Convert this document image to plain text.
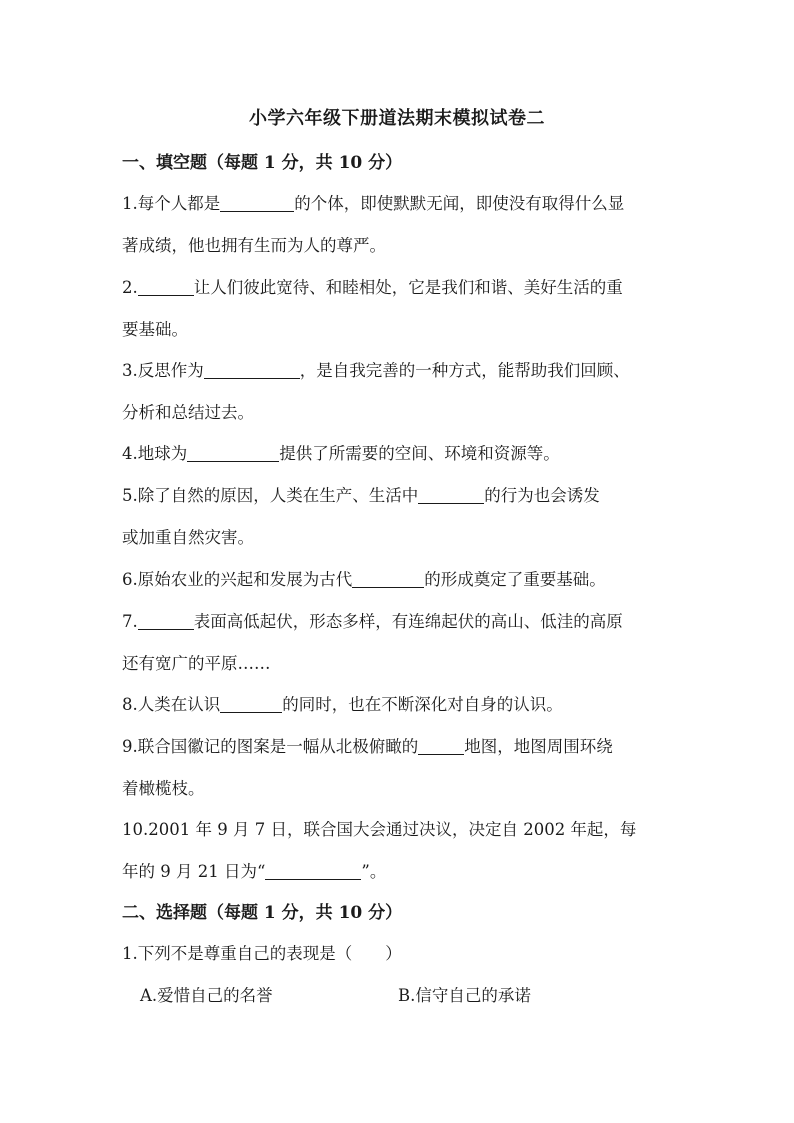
小学六年级下册道法期末模拟试卷二
一、填空题（每题 1 分，共 10 分）
1.每个人都是	的个体，即使默默无闻，即使没有取得什么显
著成绩，他也拥有生而为人的尊严。
2.	让人们彼此宽待、和睦相处，它是我们和谐、美好生活的重
要基础。
3.反思作为	，是自我完善的一种方式，能帮助我们回顾、
分析和总结过去。
4.地球为	提供了所需要的空间、环境和资源等。
5.除了自然的原因，人类在生产、生活中	的行为也会诱发
或加重自然灾害。
6.原始农业的兴起和发展为古代	的形成奠定了重要基础。
7.	表面高低起伏，形态多样，有连绵起伏的高山、低洼的高原
还有宽广的平原……
8.人类在认识	的同时，也在不断深化对自身的认识。
9.联合国徽记的图案是一幅从北极俯瞰的	地图，地图周围环绕
着橄榄枝。
10.2001 年 9 月 7 日，联合国大会通过决议，决定自 2002 年起，每
年的 9 月 21 日为“	”。
二、选择题（每题 1 分，共 10 分）
1.下列不是尊重自己的表现是（　　）
A.爱惜自己的名誉	B.信守自己的承诺
